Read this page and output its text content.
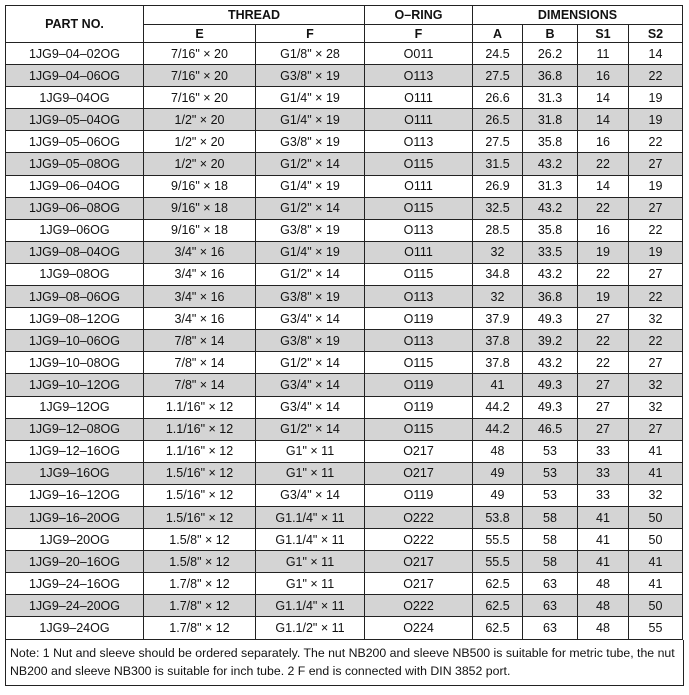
PART NO.	THREAD		O–RING	DIMENSIONS			
	E	F	F	A	B	S1	S2
1JG9–04–02OG	7/16" × 20	G1/8" × 28	O011	24.5	26.2	11	14
1JG9–04–06OG	7/16" × 20	G3/8" × 19	O113	27.5	36.8	16	22
1JG9–04OG	7/16" × 20	G1/4" × 19	O111	26.6	31.3	14	19
1JG9–05–04OG	1/2" × 20	G1/4" × 19	O111	26.5	31.8	14	19
1JG9–05–06OG	1/2" × 20	G3/8" × 19	O113	27.5	35.8	16	22
1JG9–05–08OG	1/2" × 20	G1/2" × 14	O115	31.5	43.2	22	27
1JG9–06–04OG	9/16" × 18	G1/4" × 19	O111	26.9	31.3	14	19
1JG9–06–08OG	9/16" × 18	G1/2" × 14	O115	32.5	43.2	22	27
1JG9–06OG	9/16" × 18	G3/8" × 19	O113	28.5	35.8	16	22
1JG9–08–04OG	3/4" × 16	G1/4" × 19	O111	32	33.5	19	19
1JG9–08OG	3/4" × 16	G1/2" × 14	O115	34.8	43.2	22	27
1JG9–08–06OG	3/4" × 16	G3/8" × 19	O113	32	36.8	19	22
1JG9–08–12OG	3/4" × 16	G3/4" × 14	O119	37.9	49.3	27	32
1JG9–10–06OG	7/8" × 14	G3/8" × 19	O113	37.8	39.2	22	22
1JG9–10–08OG	7/8" × 14	G1/2" × 14	O115	37.8	43.2	22	27
1JG9–10–12OG	7/8" × 14	G3/4" × 14	O119	41	49.3	27	32
1JG9–12OG	1.1/16" × 12	G3/4" × 14	O119	44.2	49.3	27	32
1JG9–12–08OG	1.1/16" × 12	G1/2" × 14	O115	44.2	46.5	27	27
1JG9–12–16OG	1.1/16" × 12	G1" × 11	O217	48	53	33	41
1JG9–16OG	1.5/16" × 12	G1" × 11	O217	49	53	33	41
1JG9–16–12OG	1.5/16" × 12	G3/4" × 14	O119	49	53	33	32
1JG9–16–20OG	1.5/16" × 12	G1.1/4" × 11	O222	53.8	58	41	50
1JG9–20OG	1.5/8" × 12	G1.1/4" × 11	O222	55.5	58	41	50
1JG9–20–16OG	1.5/8" × 12	G1" × 11	O217	55.5	58	41	41
1JG9–24–16OG	1.7/8" × 12	G1" × 11	O217	62.5	63	48	41
1JG9–24–20OG	1.7/8" × 12	G1.1/4" × 11	O222	62.5	63	48	50
1JG9–24OG	1.7/8" × 12	G1.1/2" × 11	O224	62.5	63	48	55
Note: 1 Nut and sleeve should be ordered separately. The nut NB200 and sleeve NB500 is suitable for metric tube, the nut NB200 and sleeve NB300 is suitable for inch tube. 2 F end is connected with DIN 3852 port.
